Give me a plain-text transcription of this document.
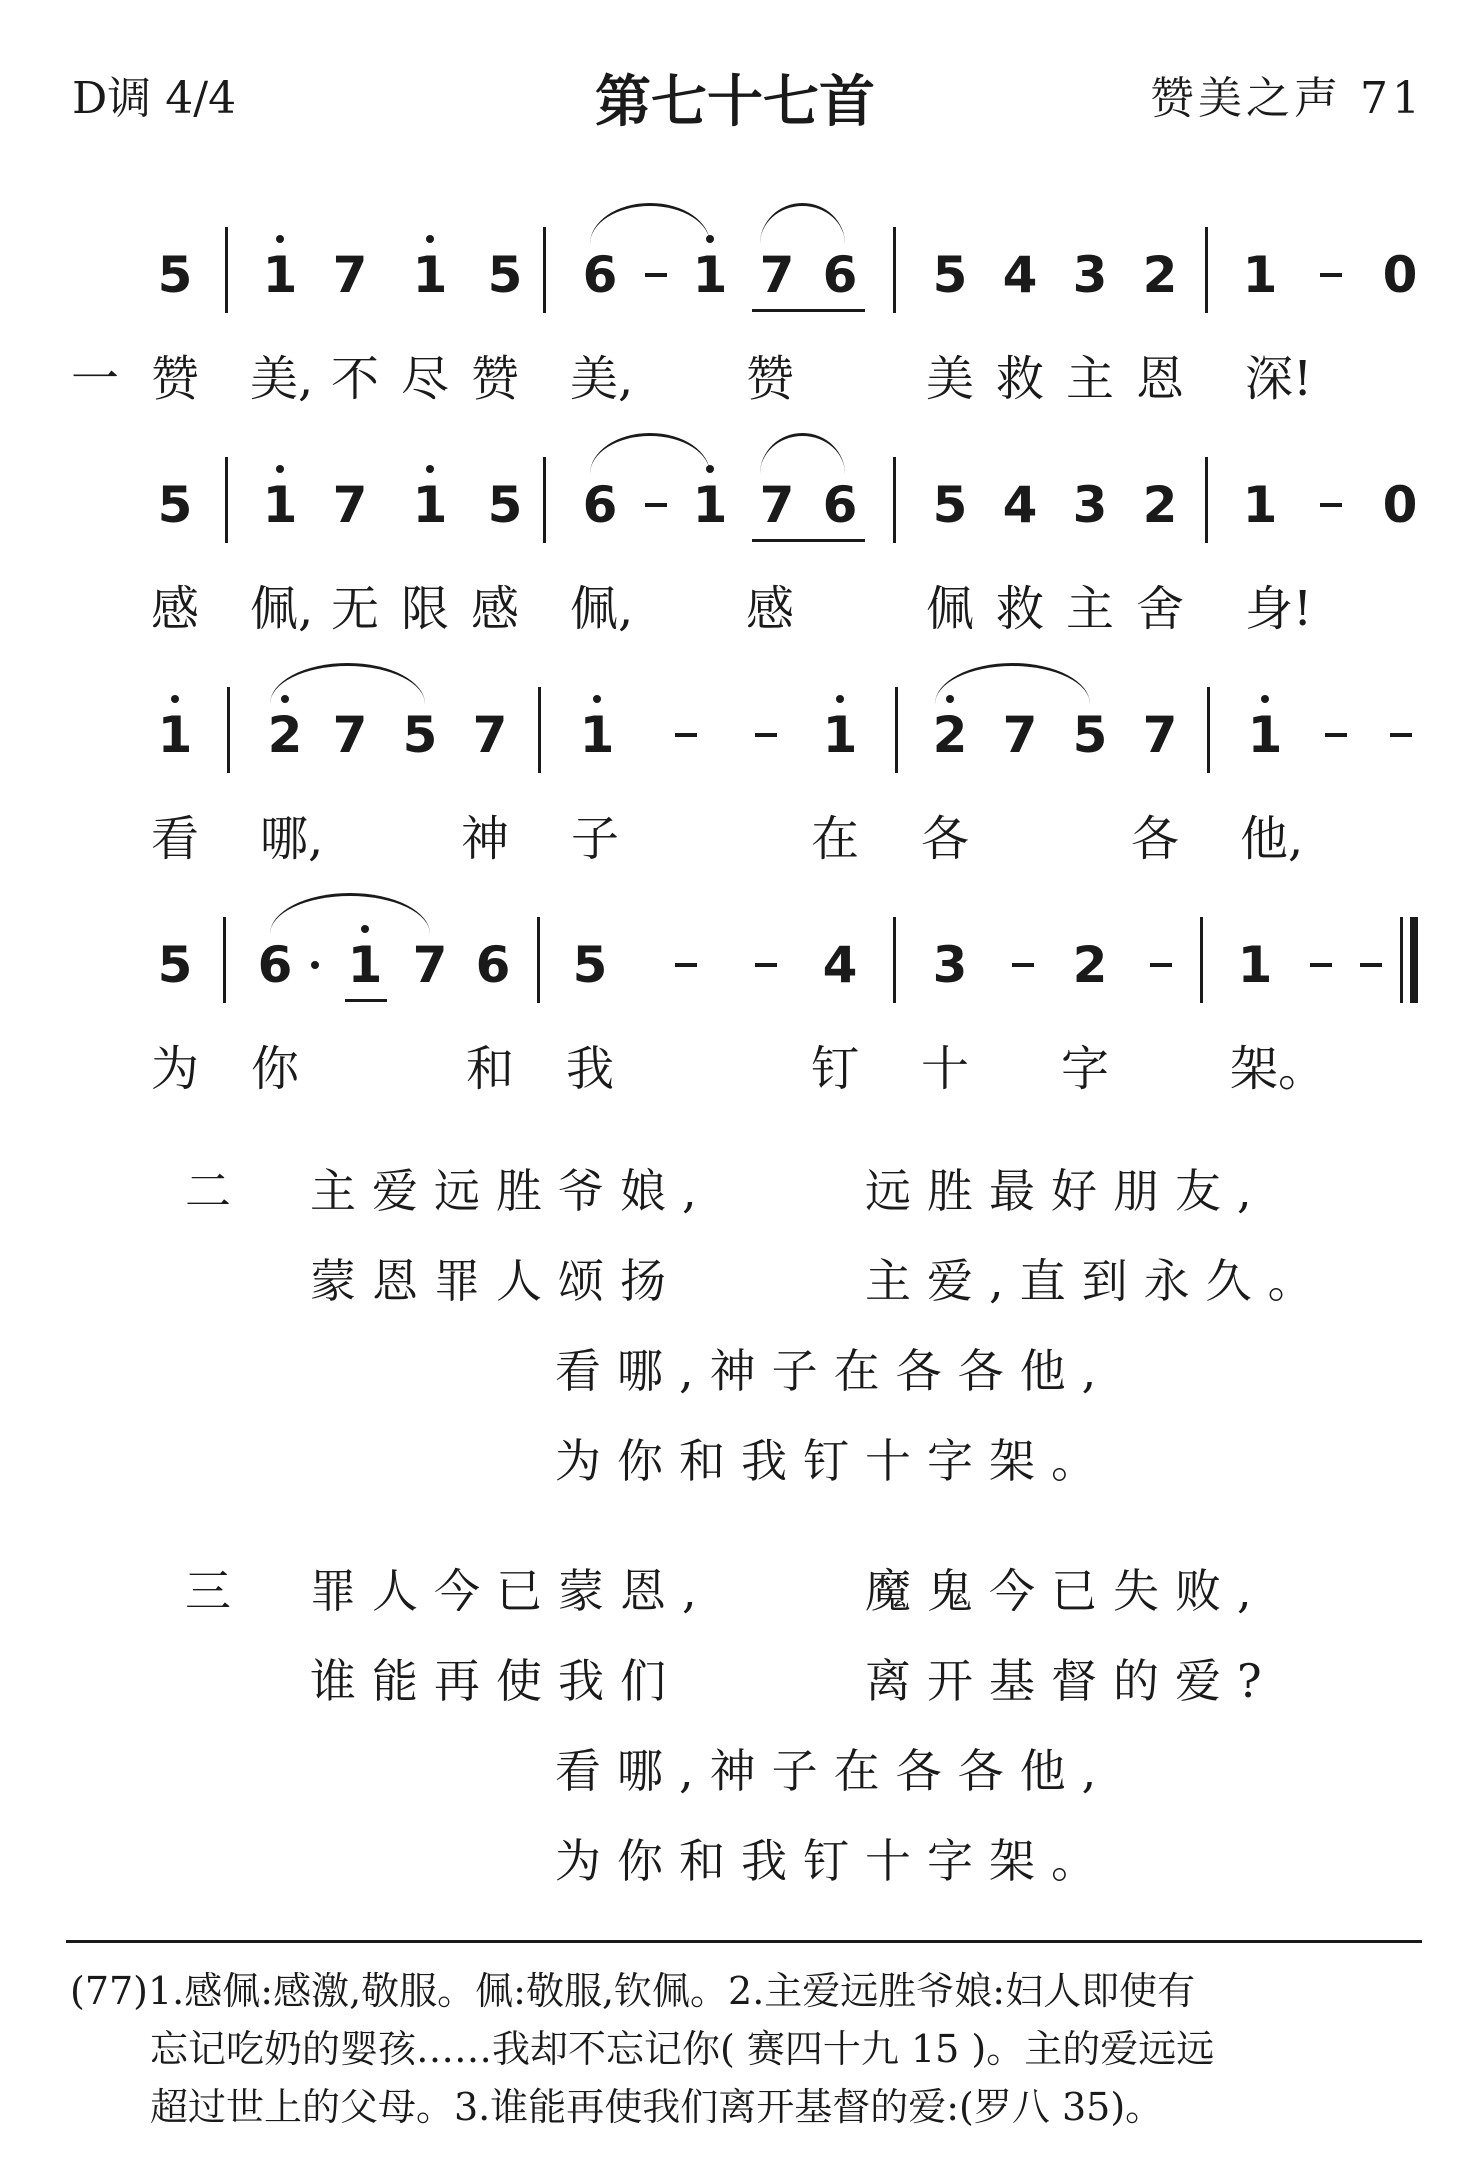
D调 4/4	第七十七首	赞美之声 71
5 1 7 1 5 6 1 7 6 5 4 3 2 1 0
一 赞 美, 不 尽 赞 美, 赞	美 救 主 恩 深!
5 1 7 1 5 6 1 7 6 5 4 3 2 1 0
感 佩, 无 限 感 佩, 感	佩 救 主 舍 身!
1 2 7 5 7 1	1 2 7 5 7 1
看 哪,	神 子	在 各	各 他,
5 6 1 7 6 5	4 3 2	1
为 你	和 我	钉 十 字	架。
二 主爱远胜爷娘,	远胜最好朋友,
蒙恩罪人颂扬	主爱,直到永久。
看哪,神子在各各他,
为你和我钉十字架。
三 罪人今已蒙恩,	魔鬼今已失败,
谁能再使我们	离开基督的爱?
看哪,神子在各各他,
为你和我钉十字架。
(77)1.感佩:感激,敬服。佩:敬服,钦佩。2.主爱远胜爷娘:妇人即使有
忘记吃奶的婴孩……我却不忘记你( 赛四十九 15 )。主的爱远远
超过世上的父母。3.谁能再使我们离开基督的爱:(罗八 35)。
